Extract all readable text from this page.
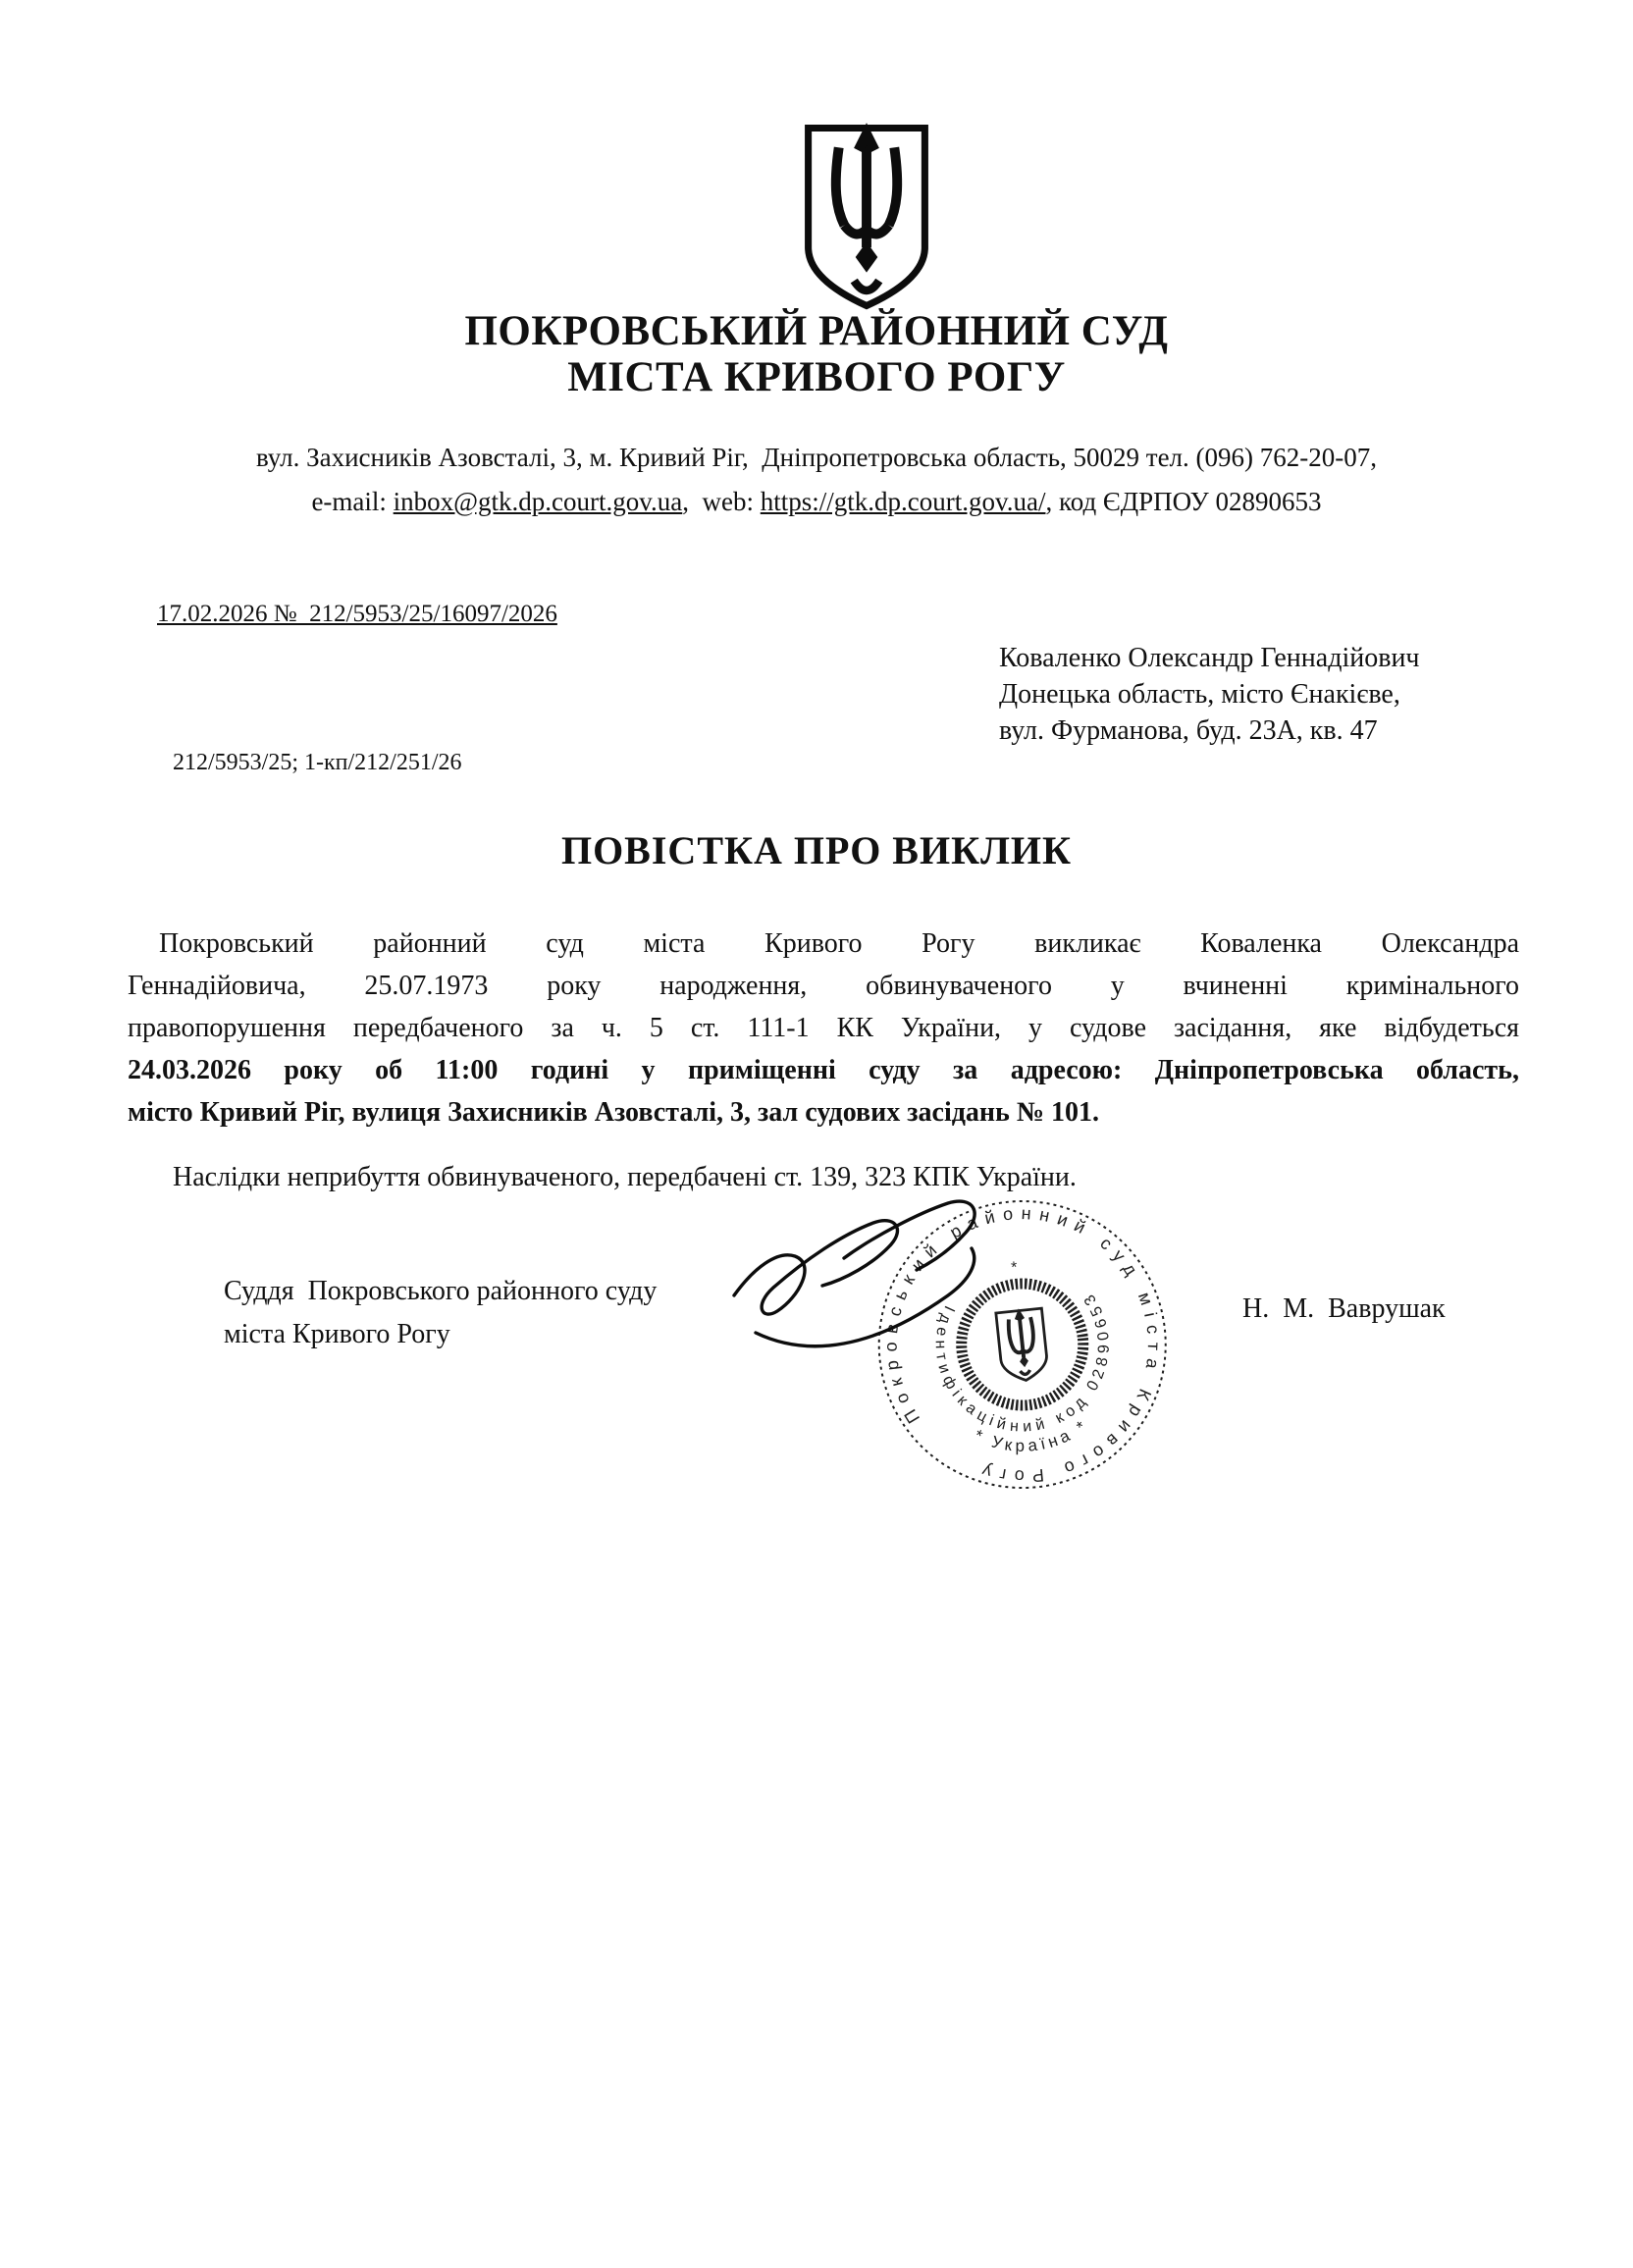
ПОКРОВСЬКИЙ РАЙОННИЙ СУД
МІСТА КРИВОГО РОГУ
вул. Захисників Азовсталі, 3, м. Кривий Ріг,  Дніпропетровська область, 50029 тел. (096) 762-20-07,
e-mail: inbox@gtk.dp.court.gov.ua,  web: https://gtk.dp.court.gov.ua/, код ЄДРПОУ 02890653
17.02.2026 №  212/5953/25/16097/2026
Коваленко Олександр Геннадійович
Донецька область, місто Єнакієве,
вул. Фурманова, буд. 23А, кв. 47
212/5953/25; 1-кп/212/251/26
ПОВІСТКА ПРО ВИКЛИК
Покровський районний суд міста Кривого Рогу викликає Коваленка Олександра
Геннадійовича, 25.07.1973 року народження, обвинуваченого у вчиненні кримінального
правопорушення передбаченого за ч. 5 ст. 111-1 КК України, у судове засідання, яке відбудеться
24.03.2026 року об 11:00 годині у приміщенні суду за адресою: Дніпропетровська область,
місто Кривий Ріг, вулиця Захисників Азовсталі, 3, зал судових засідань № 101.
Наслідки неприбуття обвинуваченого, передбачені ст. 139, 323 КПК України.
Суддя  Покровського районного суду
міста Кривого Рогу
Н.  М.  Ваврушак
Покровський районний суд міста Кривого Рогу
* Україна *
Ідентифікаційний код 02890653
*
